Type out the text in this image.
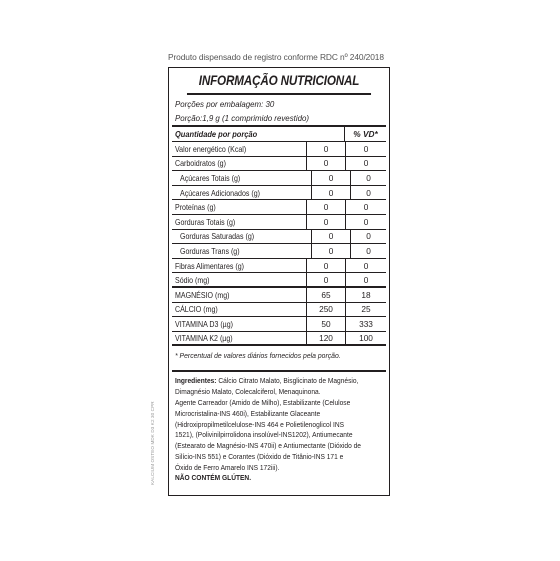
Produto dispensado de registro conforme RDC nº 240/2018
KALCIUM OSTEO MDK D3 K2 30 CPR
INFORMAÇÃO NUTRICIONAL
Porções por embalagem: 30
Porção:1,9 g (1 comprimido revestido)
Quantidade por porção	% VD*
Valor energético (Kcal)	0	0
Carboidratos (g)	0	0
Açúcares Totais (g)	0	0
Açúcares Adicionados (g)	0	0
Proteínas (g)	0	0
Gorduras Totais (g)	0	0
Gorduras Saturadas (g)	0	0
Gorduras Trans (g)	0	0
Fibras Alimentares (g)	0	0
Sódio (mg)	0	0
MAGNÉSIO (mg)	65	18
CÁLCIO (mg)	250	25
VITAMINA D3 (µg)	50	333
VITAMINA K2 (µg)	120	100
* Percentual de valores diários fornecidos pela porção.
Ingredientes: Cálcio Citrato Malato, Bisglicinato de Magnésio,
Dimagnésio Malato, Colecalciferol, Menaquinona.
Agente Carreador (Amido de Milho), Estabilizante (Celulose
Microcristalina-INS 460i), Estabilizante Glaceante
(Hidroxipropilmetilcelulose-INS 464 e Polietilenoglicol INS
1521), (Polivinilpirrolidona insolúvel-INS1202), Antiumecante
(Estearato de Magnésio-INS 470ii) e Antiumectante (Dióxido de
Silício-INS 551) e Corantes (Dióxido de Titânio-INS 171 e
Óxido de Ferro Amarelo INS 172iii).
NÃO CONTÉM GLÚTEN.
